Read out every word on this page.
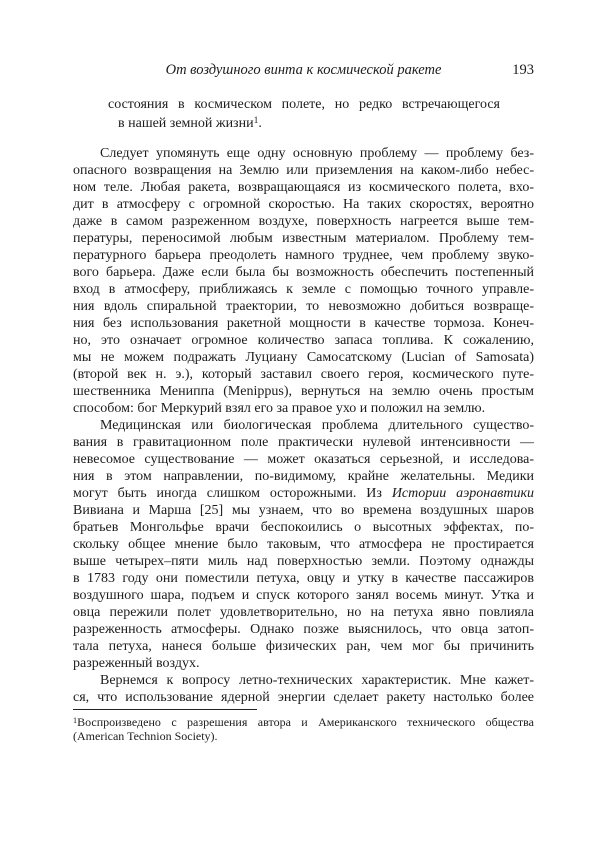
От воздушного винта к космической ракете	193
состояния в космическом полете, но редко встречающегося
в нашей земной жизни$^1$.
Следует упомянуть еще одну основную проблему — проблему без-
опасного возвращения на Землю или приземления на каком-либо небес-
ном теле. Любая ракета, возвращающаяся из космического полета, вхо-
дит в атмосферу с огромной скоростью. На таких скоростях, вероятно
даже в самом разреженном воздухе, поверхность нагреется выше тем-
пературы, переносимой любым известным материалом. Проблему тем-
пературного барьера преодолеть намного труднее, чем проблему звуко-
вого барьера. Даже если была бы возможность обеспечить постепенный
вход в атмосферу, приближаясь к земле с помощью точного управле-
ния вдоль спиральной траектории, то невозможно добиться возвраще-
ния без использования ракетной мощности в качестве тормоза. Конеч-
но, это означает огромное количество запаса топлива. К сожалению,
мы не можем подражать Луциану Самосатскому (Lucian of Samosata)
(второй век н. э.), который заставил своего героя, космического путе-
шественника Мениппа (Menippus), вернуться на землю очень простым
способом: бог Меркурий взял его за правое ухо и положил на землю.
Медицинская или биологическая проблема длительного существо-
вания в гравитационном поле практически нулевой интенсивности —
невесомое существование — может оказаться серьезной, и исследова-
ния в этом направлении, по-видимому, крайне желательны. Медики
могут быть иногда слишком осторожными. Из Истории аэронавтики
Вивиана и Марша [25] мы узнаем, что во времена воздушных шаров
братьев Монгольфье врачи беспокоились о высотных эффектах, по-
скольку общее мнение было таковым, что атмосфера не простирается
выше четырех–пяти миль над поверхностью земли. Поэтому однажды
в 1783 году они поместили петуха, овцу и утку в качестве пассажиров
воздушного шара, подъем и спуск которого занял восемь минут. Утка и
овца пережили полет удовлетворительно, но на петуха явно повлияла
разреженность атмосферы. Однако позже выяснилось, что овца затоп-
тала петуха, нанеся больше физических ран, чем мог бы причинить
разреженный воздух.
Вернемся к вопросу летно-технических характеристик. Мне кажет-
ся, что использование ядерной энергии сделает ракету настолько более
$^1$Воспроизведено с разрешения автора и Американского технического общества
(American Technion Society).
